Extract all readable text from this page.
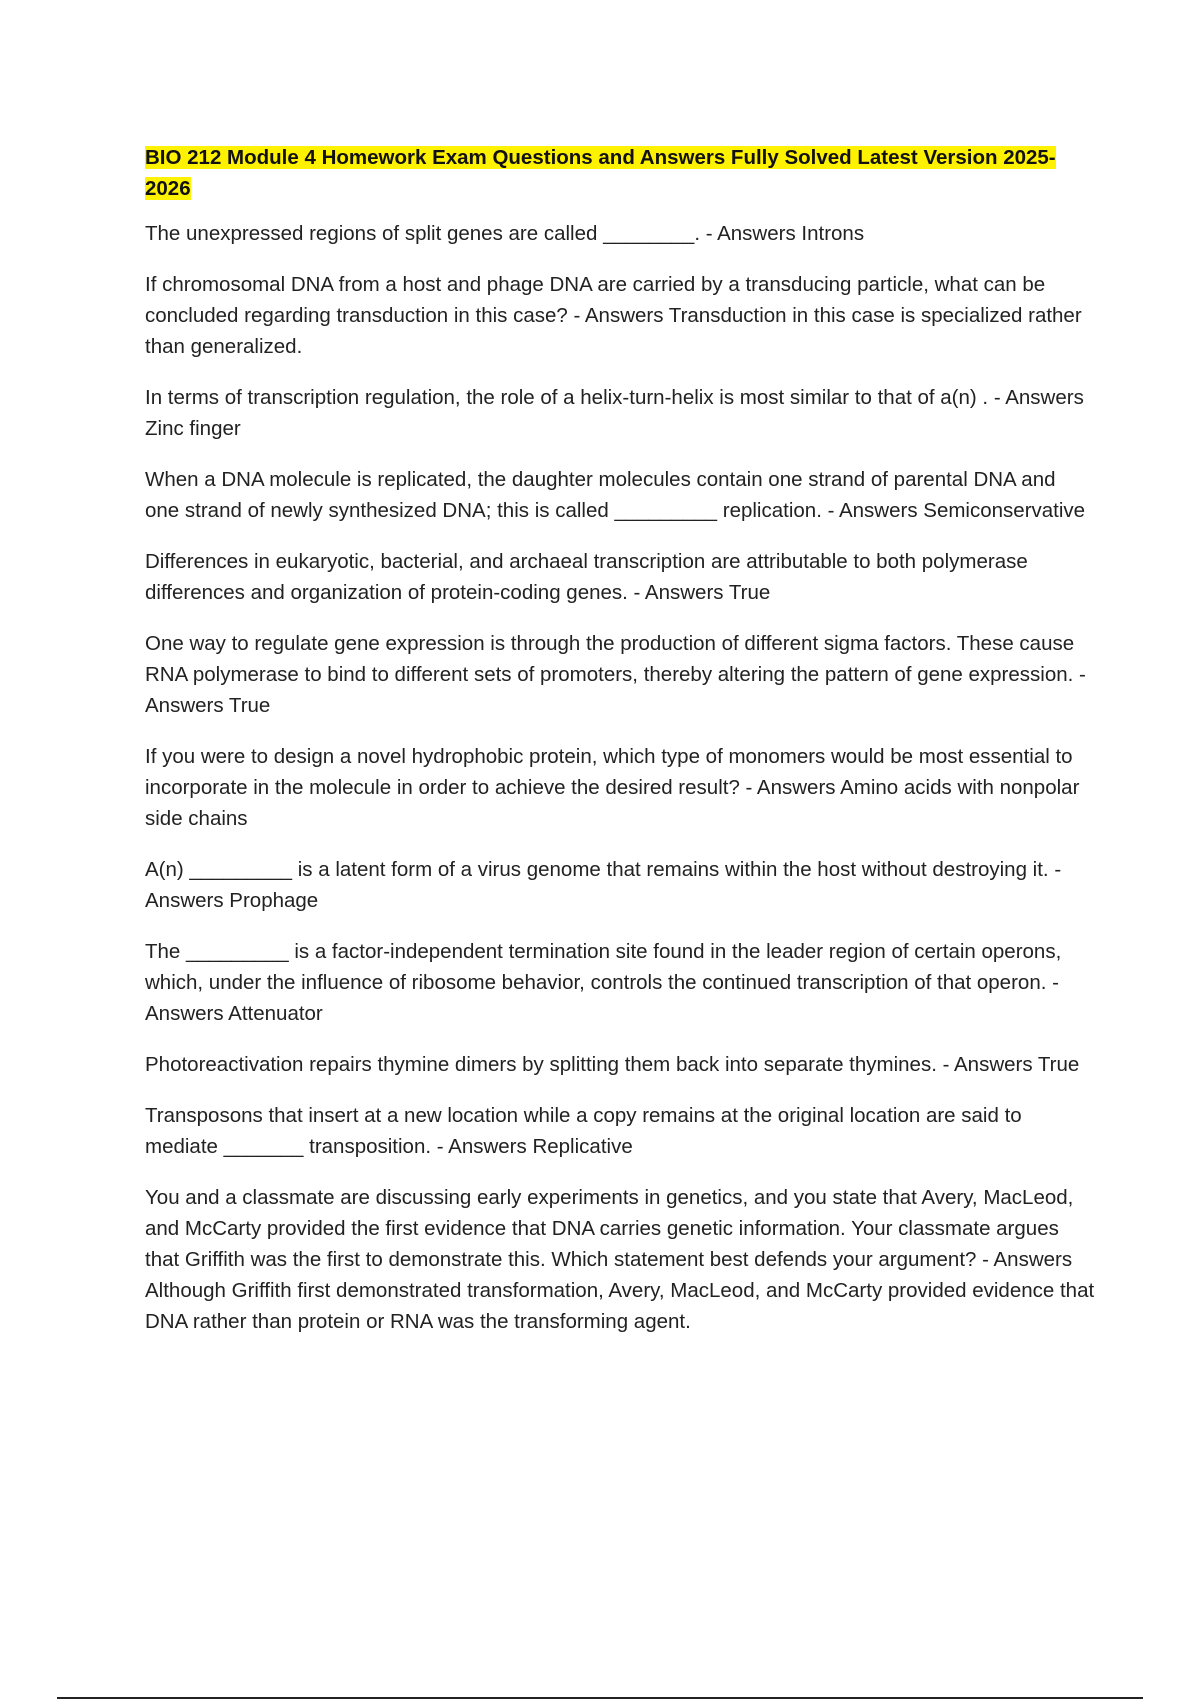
BIO 212 Module 4 Homework Exam Questions and Answers Fully Solved Latest Version 2025-2026

The unexpressed regions of split genes are called ________. - Answers Introns

If chromosomal DNA from a host and phage DNA are carried by a transducing particle, what can be concluded regarding transduction in this case? - Answers Transduction in this case is specialized rather than generalized.

In terms of transcription regulation, the role of a helix-turn-helix is most similar to that of a(n) . - Answers Zinc finger

When a DNA molecule is replicated, the daughter molecules contain one strand of parental DNA and one strand of newly synthesized DNA; this is called _________ replication. - Answers Semiconservative

Differences in eukaryotic, bacterial, and archaeal transcription are attributable to both polymerase differences and organization of protein-coding genes. - Answers True

One way to regulate gene expression is through the production of different sigma factors. These cause RNA polymerase to bind to different sets of promoters, thereby altering the pattern of gene expression. - Answers True

If you were to design a novel hydrophobic protein, which type of monomers would be most essential to incorporate in the molecule in order to achieve the desired result? - Answers Amino acids with nonpolar side chains

A(n) _________ is a latent form of a virus genome that remains within the host without destroying it. - Answers Prophage

The _________ is a factor-independent termination site found in the leader region of certain operons, which, under the influence of ribosome behavior, controls the continued transcription of that operon. - Answers Attenuator

Photoreactivation repairs thymine dimers by splitting them back into separate thymines. - Answers True

Transposons that insert at a new location while a copy remains at the original location are said to mediate _______ transposition. - Answers Replicative

You and a classmate are discussing early experiments in genetics, and you state that Avery, MacLeod, and McCarty provided the first evidence that DNA carries genetic information. Your classmate argues that Griffith was the first to demonstrate this. Which statement best defends your argument? - Answers Although Griffith first demonstrated transformation, Avery, MacLeod, and McCarty provided evidence that DNA rather than protein or RNA was the transforming agent.
